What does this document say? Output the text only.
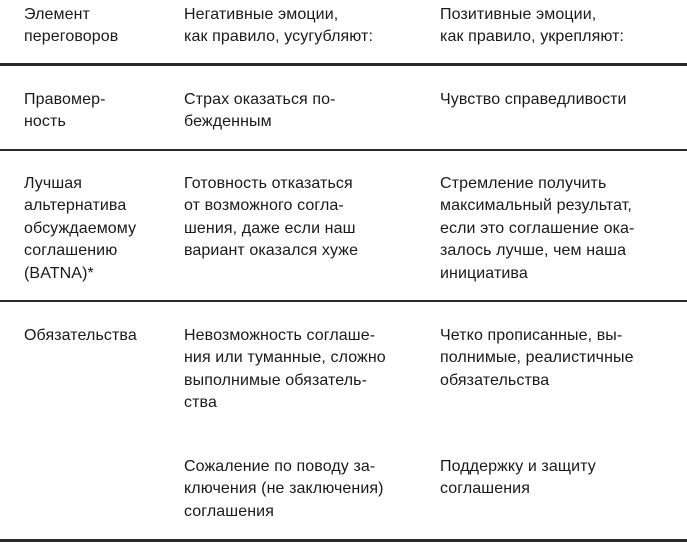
Элемент
переговоров
Негативные эмоции,
как правило, усугубляют:
Позитивные эмоции,
как правило, укрепляют:
Правомер-
ность
Страх оказаться по-
бежденным
Чувство справедливости
Лучшая
альтернатива
обсуждаемому
соглашению
(BATNA)*
Готовность отказаться
от возможного согла-
шения, даже если наш
вариант оказался хуже
Стремление получить
максимальный результат,
если это соглашение ока-
залось лучше, чем наша
инициатива
Обязательства	Невозможность соглаше-
ния или туманные, сложно
выполнимые обязатель-
ства
Четко прописанные, вы-
полнимые, реалистичные
обязательства
Сожаление по поводу за-
ключения (не заключения)
соглашения
Поддержку и защиту
соглашения
